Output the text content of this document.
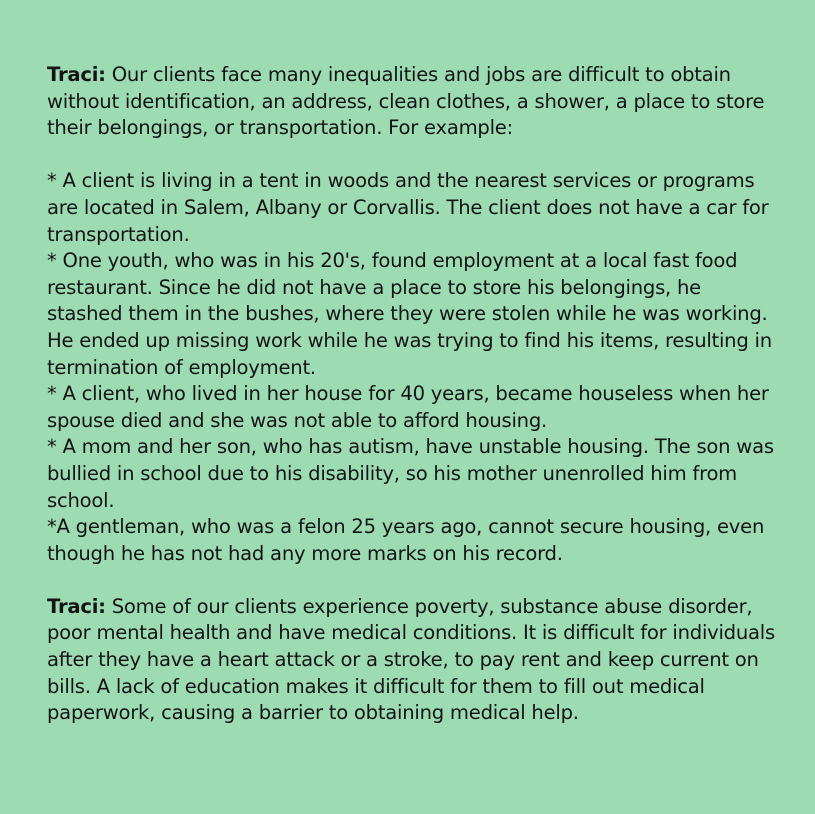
Traci: Our clients face many inequalities and jobs are difficult to obtain without identification, an address, clean clothes, a shower, a place to store their belongings, or transportation. For example:

* A client is living in a tent in woods and the nearest services or programs are located in Salem, Albany or Corvallis. The client does not have a car for transportation.

* One youth, who was in his 20's, found employment at a local fast food restaurant. Since he did not have a place to store his belongings, he stashed them in the bushes, where they were stolen while he was working. He ended up missing work while he was trying to find his items, resulting in termination of employment.

* A client, who lived in her house for 40 years, became houseless when her spouse died and she was not able to afford housing.

* A mom and her son, who has autism, have unstable housing. The son was bullied in school due to his disability, so his mother unenrolled him from school.

*A gentleman, who was a felon 25 years ago, cannot secure housing, even though he has not had any more marks on his record.

Traci: Some of our clients experience poverty, substance abuse disorder, poor mental health and have medical conditions. It is difficult for individuals after they have a heart attack or a stroke, to pay rent and keep current on bills. A lack of education makes it difficult for them to fill out medical paperwork, causing a barrier to obtaining medical help.
